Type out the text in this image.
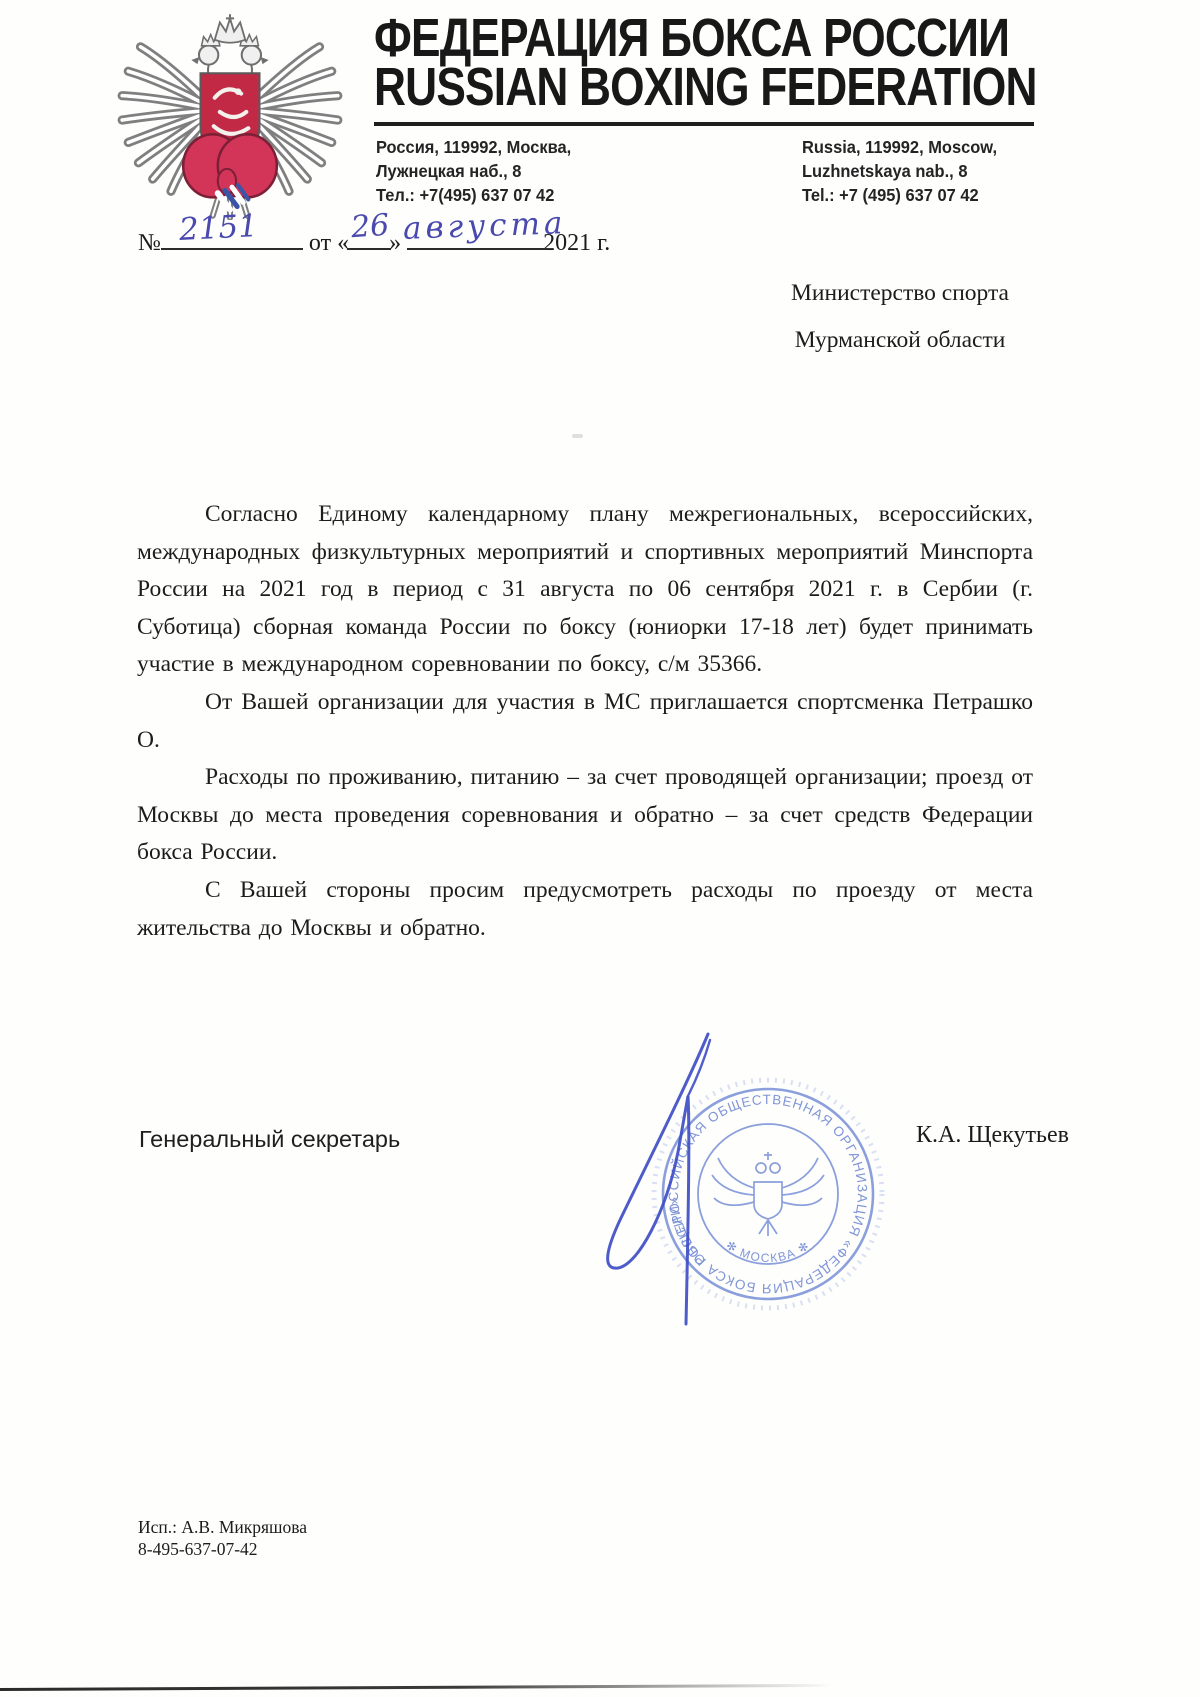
ФЕДЕРАЦИЯ БОКСА РОССИИ
RUSSIAN BOXING FEDERATION
Россия, 119992, Москва,
Лужнецкая наб., 8
Тел.: +7(495) 637 07 42
Russia, 119992, Moscow,
Luzhnetskaya nab., 8
Tel.: +7 (495) 637 07 42
№ 2151 от « 26
» августа
2021 г.
Министерство спорта
Мурманской области

Согласно Единому календарному плану межрегиональных, всероссийских, международных физкультурных мероприятий и спортивных мероприятий Минспорта России на 2021 год в период с 31 августа по 06 сентября 2021 г. в Сербии (г. Суботица) сборная команда России по боксу (юниорки 17-18 лет) будет принимать участие в международном соревновании по боксу, с/м 35366.

От Вашей организации для участия в МС приглашается спортсменка Петрашко О.

Расходы по проживанию, питанию – за счет проводящей организации; проезд от Москвы до места проведения соревнования и обратно – за счет средств Федерации бокса России.

С Вашей стороны просим предусмотреть расходы по проезду от места жительства до Москвы и обратно.

Генеральный секретарь	К.А. Щекутьев
ОБЩЕРОССИЙСКАЯ ОБЩЕСТВЕННАЯ ОРГАНИЗАЦИЯ «ФЕДЕРАЦИЯ БОКСА РОССИИ»
✻ МОСКВА ✻
Исп.: А.В. Микряшова
8-495-637-07-42
